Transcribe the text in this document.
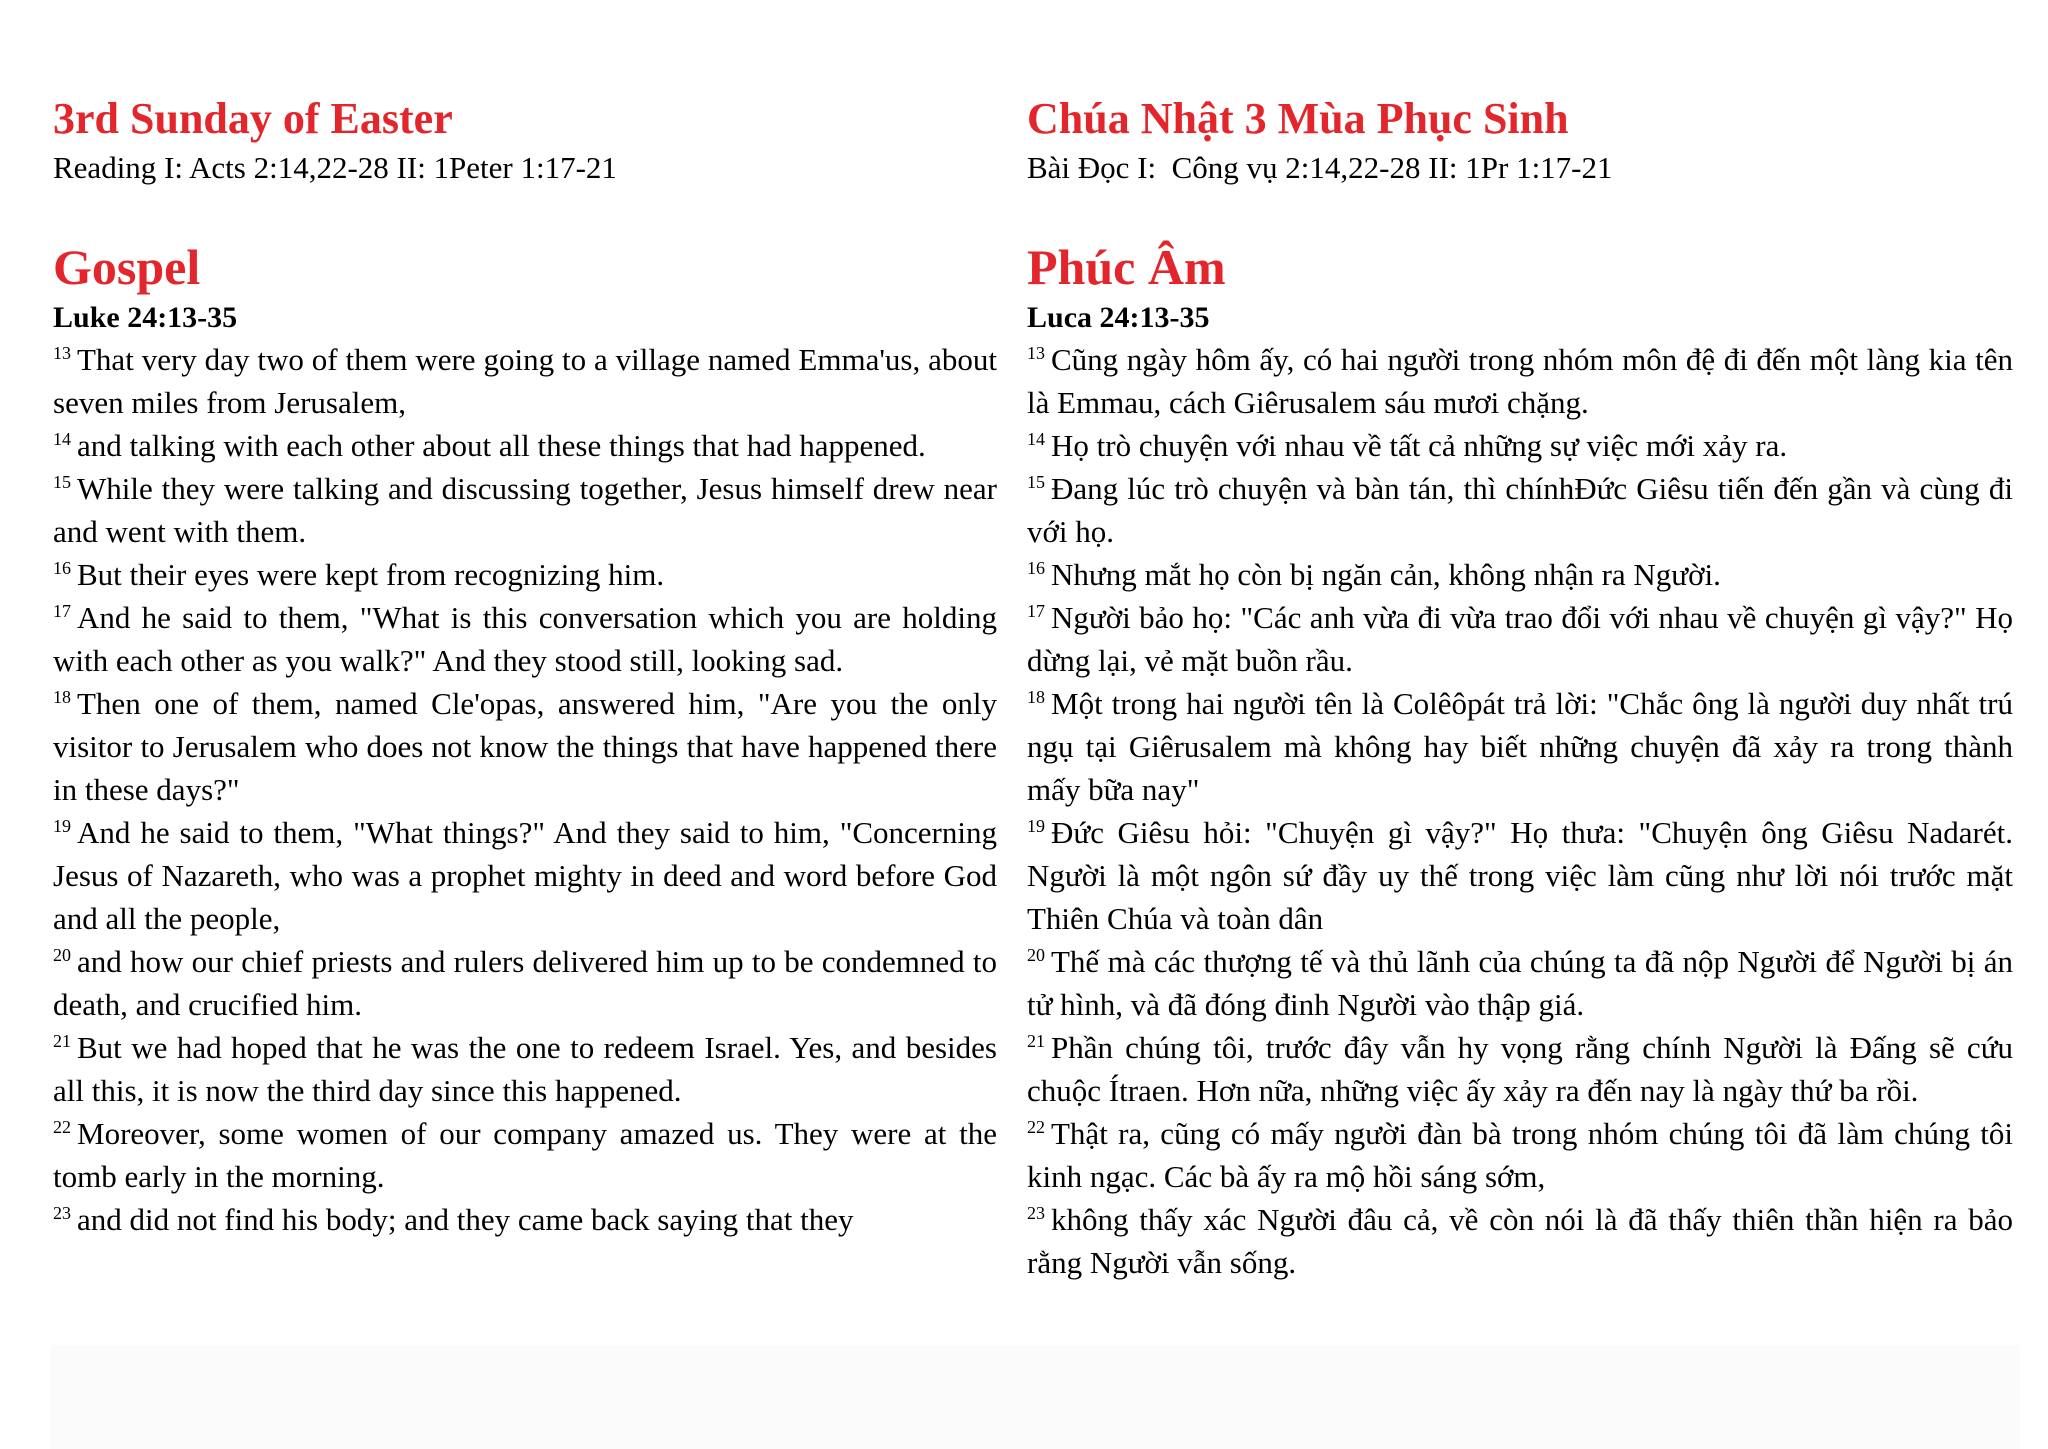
3rd Sunday of Easter

Reading I: Acts 2:14,22-28 II: 1Peter 1:17-21

Gospel

Luke 24:13-35

$^{13}$ That very day two of them were going to a village named Emma'us, about seven miles from Jerusalem,

$^{14}$ and talking with each other about all these things that had happened.

$^{15}$ While they were talking and discussing together, Jesus himself drew near and went with them.

$^{16}$ But their eyes were kept from recognizing him.

$^{17}$ And he said to them, "What is this conversation which you are holding with each other as you walk?" And they stood still, looking sad.

$^{18}$ Then one of them, named Cle'opas, answered him, "Are you the only visitor to Jerusalem who does not know the things that have happened there in these days?"

$^{19}$ And he said to them, "What things?" And they said to him, "Concerning Jesus of Nazareth, who was a prophet mighty in deed and word before God and all the people,

$^{20}$ and how our chief priests and rulers delivered him up to be condemned to death, and crucified him.

$^{21}$ But we had hoped that he was the one to redeem Israel. Yes, and besides all this, it is now the third day since this happened.

$^{22}$ Moreover, some women of our company amazed us. They were at the tomb early in the morning.

$^{23}$ and did not find his body; and they came back saying that they

Chúa Nhật 3 Mùa Phục Sinh

Bài Đọc I:  Công vụ 2:14,22-28 II: 1Pr 1:17-21

Phúc Âm

Luca 24:13-35

$^{13}$ Cũng ngày hôm ấy, có hai người trong nhóm môn đệ đi đến một làng kia tên là Emmau, cách Giêrusalem sáu mươi chặng.

$^{14}$ Họ trò chuyện với nhau về tất cả những sự việc mới xảy ra.

$^{15}$ Đang lúc trò chuyện và bàn tán, thì chínhĐức Giêsu tiến đến gần và cùng đi với họ.

$^{16}$ Nhưng mắt họ còn bị ngăn cản, không nhận ra Người.

$^{17}$ Người bảo họ: "Các anh vừa đi vừa trao đổi với nhau về chuyện gì vậy?" Họ dừng lại, vẻ mặt buồn rầu.

$^{18}$ Một trong hai người tên là Colêôpát trả lời: "Chắc ông là người duy nhất trú ngụ tại Giêrusalem mà không hay biết những chuyện đã xảy ra trong thành mấy bữa nay"

$^{19}$ Đức Giêsu hỏi: "Chuyện gì vậy?" Họ thưa: "Chuyện ông Giêsu Nadarét. Người là một ngôn sứ đầy uy thế trong việc làm cũng như lời nói trước mặt Thiên Chúa và toàn dân

$^{20}$ Thế mà các thượng tế và thủ lãnh của chúng ta đã nộp Người để Người bị án tử hình, và đã đóng đinh Người vào thập giá.

$^{21}$ Phần chúng tôi, trước đây vẫn hy vọng rằng chính Người là Đấng sẽ cứu chuộc Ítraen. Hơn nữa, những việc ấy xảy ra đến nay là ngày thứ ba rồi.

$^{22}$ Thật ra, cũng có mấy người đàn bà trong nhóm chúng tôi đã làm chúng tôi kinh ngạc. Các bà ấy ra mộ hồi sáng sớm,

$^{23}$ không thấy xác Người đâu cả, về còn nói là đã thấy thiên thần hiện ra bảo rằng Người vẫn sống.
